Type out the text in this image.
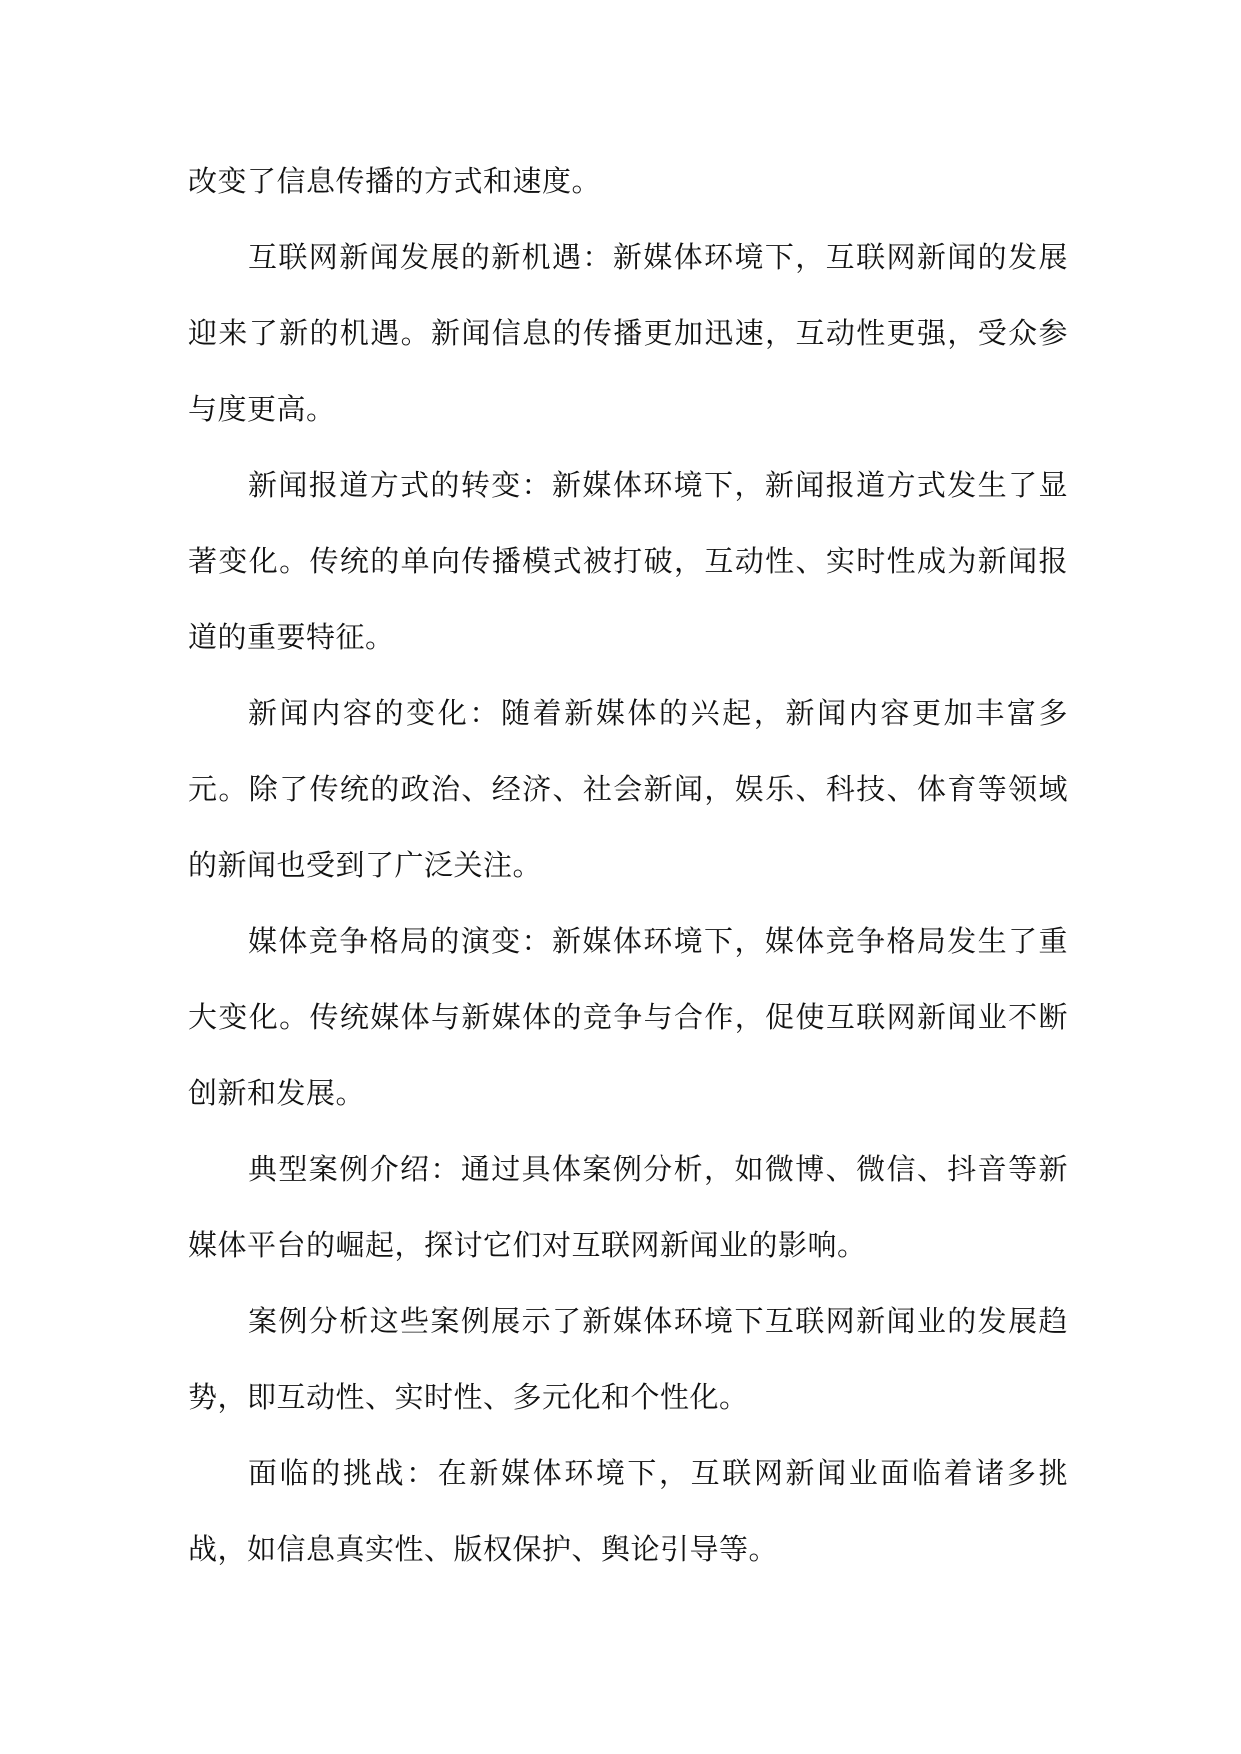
改变了信息传播的方式和速度。

互联网新闻发展的新机遇：新媒体环境下，互联网新闻的发展迎来了新的机遇。新闻信息的传播更加迅速，互动性更强，受众参与度更高。

新闻报道方式的转变：新媒体环境下，新闻报道方式发生了显著变化。传统的单向传播模式被打破，互动性、实时性成为新闻报道的重要特征。

新闻内容的变化：随着新媒体的兴起，新闻内容更加丰富多元。除了传统的政治、经济、社会新闻，娱乐、科技、体育等领域的新闻也受到了广泛关注。

媒体竞争格局的演变：新媒体环境下，媒体竞争格局发生了重大变化。传统媒体与新媒体的竞争与合作，促使互联网新闻业不断创新和发展。

典型案例介绍：通过具体案例分析，如微博、微信、抖音等新媒体平台的崛起，探讨它们对互联网新闻业的影响。

案例分析这些案例展示了新媒体环境下互联网新闻业的发展趋势，即互动性、实时性、多元化和个性化。

面临的挑战：在新媒体环境下，互联网新闻业面临着诸多挑战，如信息真实性、版权保护、舆论引导等。
